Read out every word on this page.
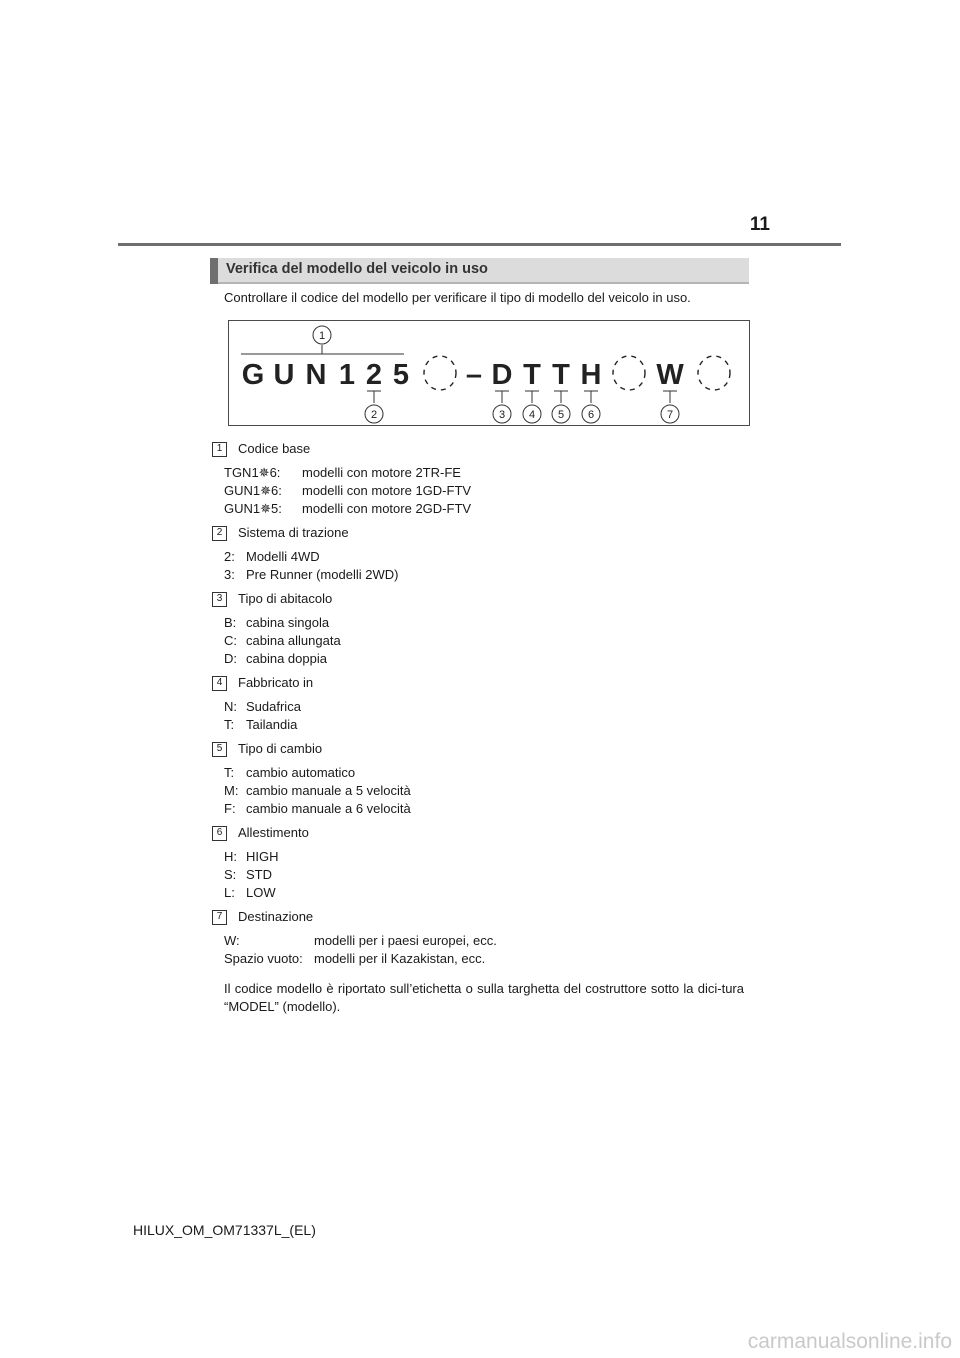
11
Verifica del modello del veicolo in uso
Controllare il codice del modello per verificare il tipo di modello del veicolo in uso.
G U N 1 2 5 – D T T H W
1
2	3 4 5 6	7
1	Codice base
TGN1✵6:	modelli con motore 2TR-FE
GUN1✵6:	modelli con motore 1GD-FTV
GUN1✵5:	modelli con motore 2GD-FTV
2	Sistema di trazione
2: Modelli 4WD
3: Pre Runner (modelli 2WD)
3	Tipo di abitacolo
B: cabina singola
C: cabina allungata
D: cabina doppia
4	Fabbricato in
N: Sudafrica
T: Tailandia
5	Tipo di cambio
T: cambio automatico
M: cambio manuale a 5 velocità
F: cambio manuale a 6 velocità
6	Allestimento
H: HIGH
S: STD
L: LOW
7	Destinazione
W:	modelli per i paesi europei, ecc.
Spazio vuoto: modelli per il Kazakistan, ecc.
Il codice modello è riportato sull’etichetta o sulla targhetta del costruttore sotto la dici-tura “MODEL” (modello).
HILUX_OM_OM71337L_(EL)
carmanualsonline.info
